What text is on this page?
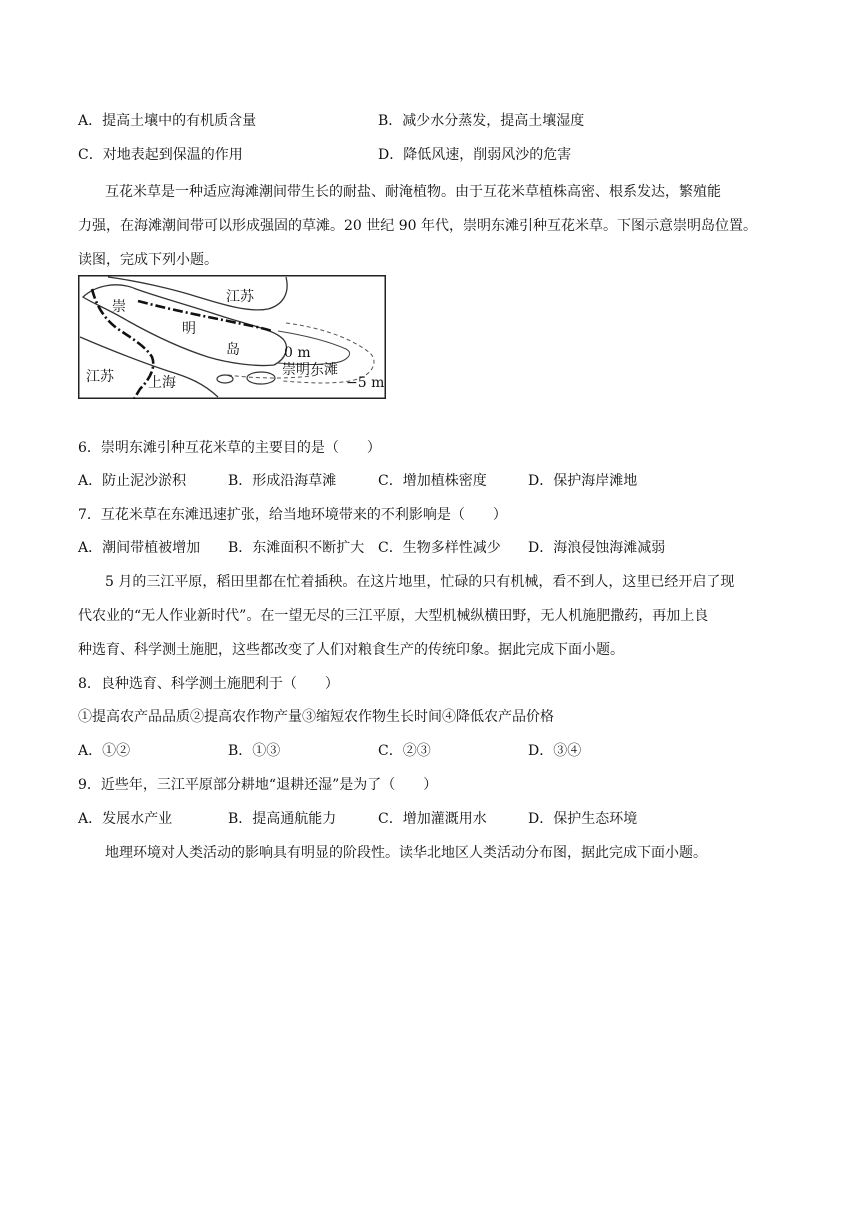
A．提高土壤中的有机质含量	B．减少水分蒸发，提高土壤湿度
C．对地表起到保温的作用	D．降低风速，削弱风沙的危害
互花米草是一种适应海滩潮间带生长的耐盐、耐淹植物。由于互花米草植株高密、根系发达，繁殖能
力强，在海滩潮间带可以形成强固的草滩。20 世纪 90 年代，崇明东滩引种互花米草。下图示意崇明岛位置。
读图，完成下列小题。
崇
明
岛
江苏
江苏 上海
0 m
崇明东滩
−5 m
6．崇明东滩引种互花米草的主要目的是（　　）
A．防止泥沙淤积	B．形成沿海草滩	C．增加植株密度	D．保护海岸滩地
7．互花米草在东滩迅速扩张，给当地环境带来的不利影响是（　　）
A．潮间带植被增加 B．东滩面积不断扩大 C．生物多样性减少 D．海浪侵蚀海滩减弱
5 月的三江平原，稻田里都在忙着插秧。在这片地里，忙碌的只有机械，看不到人，这里已经开启了现
代农业的“无人作业新时代”。在一望无尽的三江平原，大型机械纵横田野，无人机施肥撒药，再加上良
种选育、科学测土施肥，这些都改变了人们对粮食生产的传统印象。据此完成下面小题。
8．良种选育、科学测土施肥利于（　　）
①提高农产品品质②提高农作物产量③缩短农作物生长时间④降低农产品价格
A．①②	B．①③	C．②③	D．③④
9．近些年，三江平原部分耕地“退耕还湿”是为了（　　）
A．发展水产业	B．提高通航能力	C．增加灌溉用水	D．保护生态环境
地理环境对人类活动的影响具有明显的阶段性。读华北地区人类活动分布图，据此完成下面小题。
